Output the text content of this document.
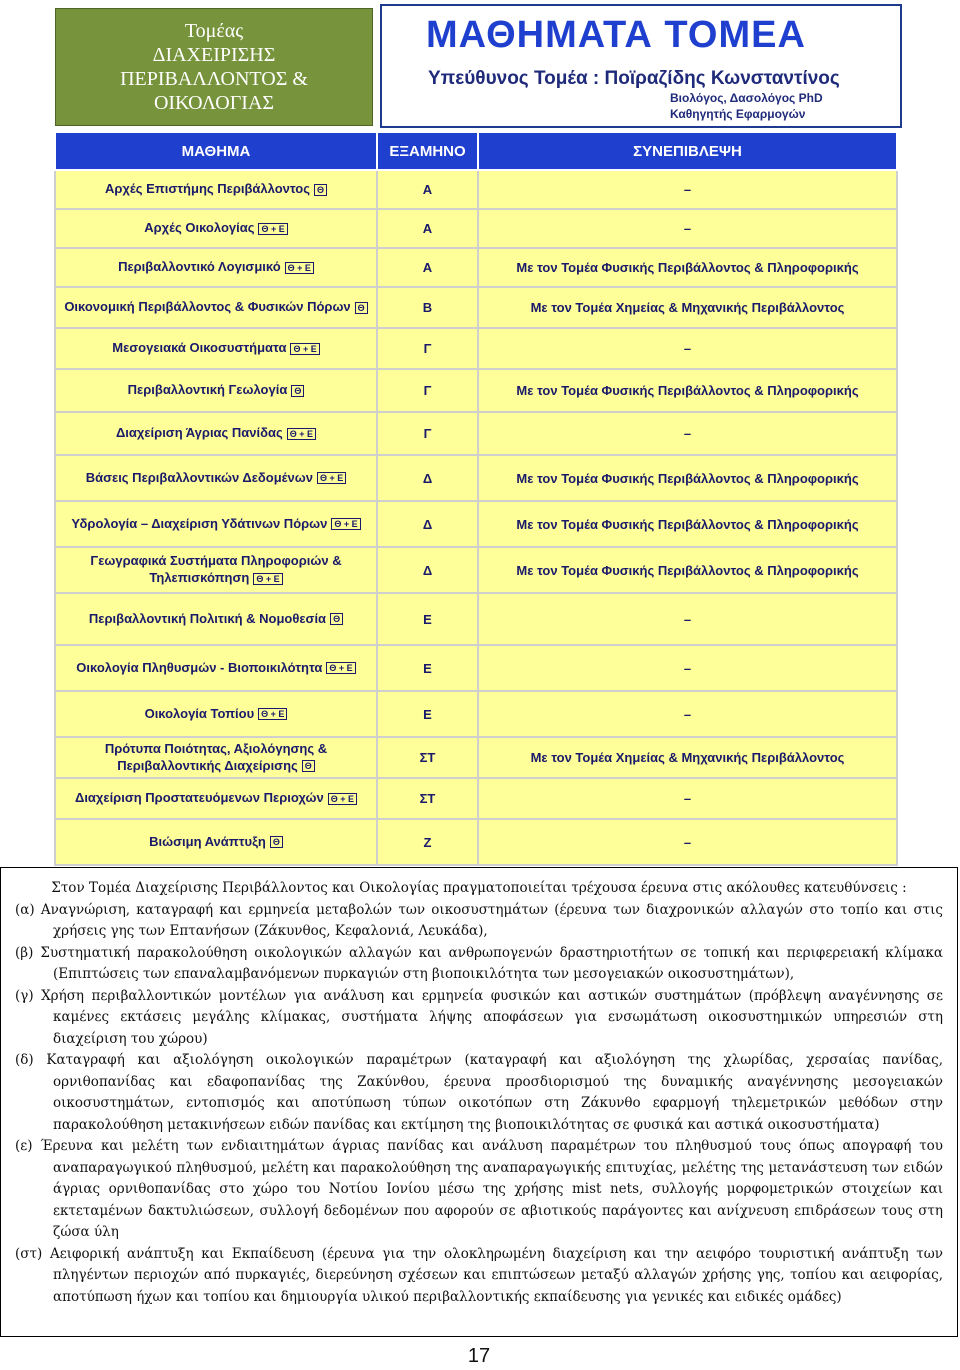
Τομέας
ΔΙΑΧΕΙΡΙΣΗΣ
ΠΕΡΙΒΑΛΛΟΝΤΟΣ &
ΟΙΚΟΛΟΓΙΑΣ
ΜΑΘΗΜΑΤΑ ΤΟΜΕΑ
Υπεύθυνος Τομέα : Ποϊραζίδης Κωνσταντίνος
Βιολόγος, Δασολόγος PhD
Καθηγητής Εφαρμογών
ΜΑΘΗΜΑ	ΕΞΑΜΗΝΟ	ΣΥΝΕΠΙΒΛΕΨΗ
Αρχές Επιστήμης Περιβάλλοντος Θ	Α	–
Αρχές Οικολογίας Θ + Ε	Α	–
Περιβαλλοντικό Λογισμικό Θ + Ε	Α	Με τον Τομέα Φυσικής Περιβάλλοντος & Πληροφορικής
Οικονομική Περιβάλλοντος & Φυσικών Πόρων Θ	Β	Με τον Τομέα Χημείας & Μηχανικής Περιβάλλοντος
Μεσογειακά Οικοσυστήματα Θ + Ε	Γ	–
Περιβαλλοντική Γεωλογία Θ	Γ	Με τον Τομέα Φυσικής Περιβάλλοντος & Πληροφορικής
Διαχείριση Άγριας Πανίδας Θ + Ε	Γ	–
Βάσεις Περιβαλλοντικών Δεδομένων Θ + Ε	Δ	Με τον Τομέα Φυσικής Περιβάλλοντος & Πληροφορικής
Υδρολογία – Διαχείριση Υδάτινων Πόρων Θ + Ε	Δ	Με τον Τομέα Φυσικής Περιβάλλοντος & Πληροφορικής
Γεωγραφικά Συστήματα Πληροφοριών & Τηλεπισκόπηση Θ + Ε	Δ	Με τον Τομέα Φυσικής Περιβάλλοντος & Πληροφορικής
Περιβαλλοντική Πολιτική & Νομοθεσία Θ	Ε	–
Οικολογία Πληθυσμών - Βιοποικιλότητα Θ + Ε	Ε	–
Οικολογία Τοπίου Θ + Ε	Ε	–
Πρότυπα Ποιότητας, Αξιολόγησης & Περιβαλλοντικής Διαχείρισης Θ	ΣΤ	Με τον Τομέα Χημείας & Μηχανικής Περιβάλλοντος
Διαχείριση Προστατευόμενων Περιοχών Θ + Ε	ΣΤ	–
Βιώσιμη Ανάπτυξη Θ	Ζ	–
Στον Τομέα Διαχείρισης Περιβάλλοντος και Οικολογίας πραγματοποιείται τρέχουσα έρευνα στις ακόλουθες κατευθύνσεις :
(α) Αναγνώριση, καταγραφή και ερμηνεία μεταβολών των οικοσυστημάτων (έρευνα των διαχρονικών αλλαγών στο τοπίο και στις χρήσεις γης των Επτανήσων (Ζάκυνθος, Κεφαλονιά, Λευκάδα),
(β) Συστηματική παρακολούθηση οικολογικών αλλαγών και ανθρωπογενών δραστηριοτήτων σε τοπική και περιφερειακή κλίμακα (Επιπτώσεις των επαναλαμβανόμενων πυρκαγιών στη βιοποικιλότητα των μεσογειακών οικοσυστημάτων),
(γ) Χρήση περιβαλλοντικών μοντέλων για ανάλυση και ερμηνεία φυσικών και αστικών συστημάτων (πρόβλεψη αναγέννησης σε καμένες εκτάσεις μεγάλης κλίμακας, συστήματα λήψης αποφάσεων για ενσωμάτωση οικοσυστημικών υπηρεσιών στη διαχείριση του χώρου)
(δ) Καταγραφή και αξιολόγηση οικολογικών παραμέτρων (καταγραφή και αξιολόγηση της χλωρίδας, χερσαίας πανίδας, ορνιθοπανίδας και εδαφοπανίδας της Ζακύνθου, έρευνα προσδιορισμού της δυναμικής αναγέννησης μεσογειακών οικοσυστημάτων, εντοπισμός και αποτύπωση τύπων οικοτόπων στη Ζάκυνθο εφαρμογή τηλεμετρικών μεθόδων στην παρακολούθηση μετακινήσεων ειδών πανίδας και εκτίμηση της βιοποικιλότητας σε φυσικά και αστικά οικοσυστήματα)
(ε) Έρευνα και μελέτη των ενδιαιτημάτων άγριας πανίδας και ανάλυση παραμέτρων του πληθυσμού τους όπως απογραφή του αναπαραγωγικού πληθυσμού, μελέτη και παρακολούθηση της αναπαραγωγικής επιτυχίας, μελέτης της μετανάστευση των ειδών άγριας ορνιθοπανίδας στο χώρο του Νοτίου Ιονίου μέσω της χρήσης mist nets, συλλογής μορφομετρικών στοιχείων και εκτεταμένων δακτυλιώσεων, συλλογή δεδομένων που αφορούν σε αβιοτικούς παράγοντες και ανίχνευση επιδράσεων τους στη ζώσα ύλη
(στ) Αειφορική ανάπτυξη και Εκπαίδευση (έρευνα για την ολοκληρωμένη διαχείριση και την αειφόρο τουριστική ανάπτυξη των πληγέντων περιοχών από πυρκαγιές, διερεύνηση σχέσεων και επιπτώσεων μεταξύ αλλαγών χρήσης γης, τοπίου και αειφορίας, αποτύπωση ήχων και τοπίου και δημιουργία υλικού περιβαλλοντικής εκπαίδευσης για γενικές και ειδικές ομάδες)
17
